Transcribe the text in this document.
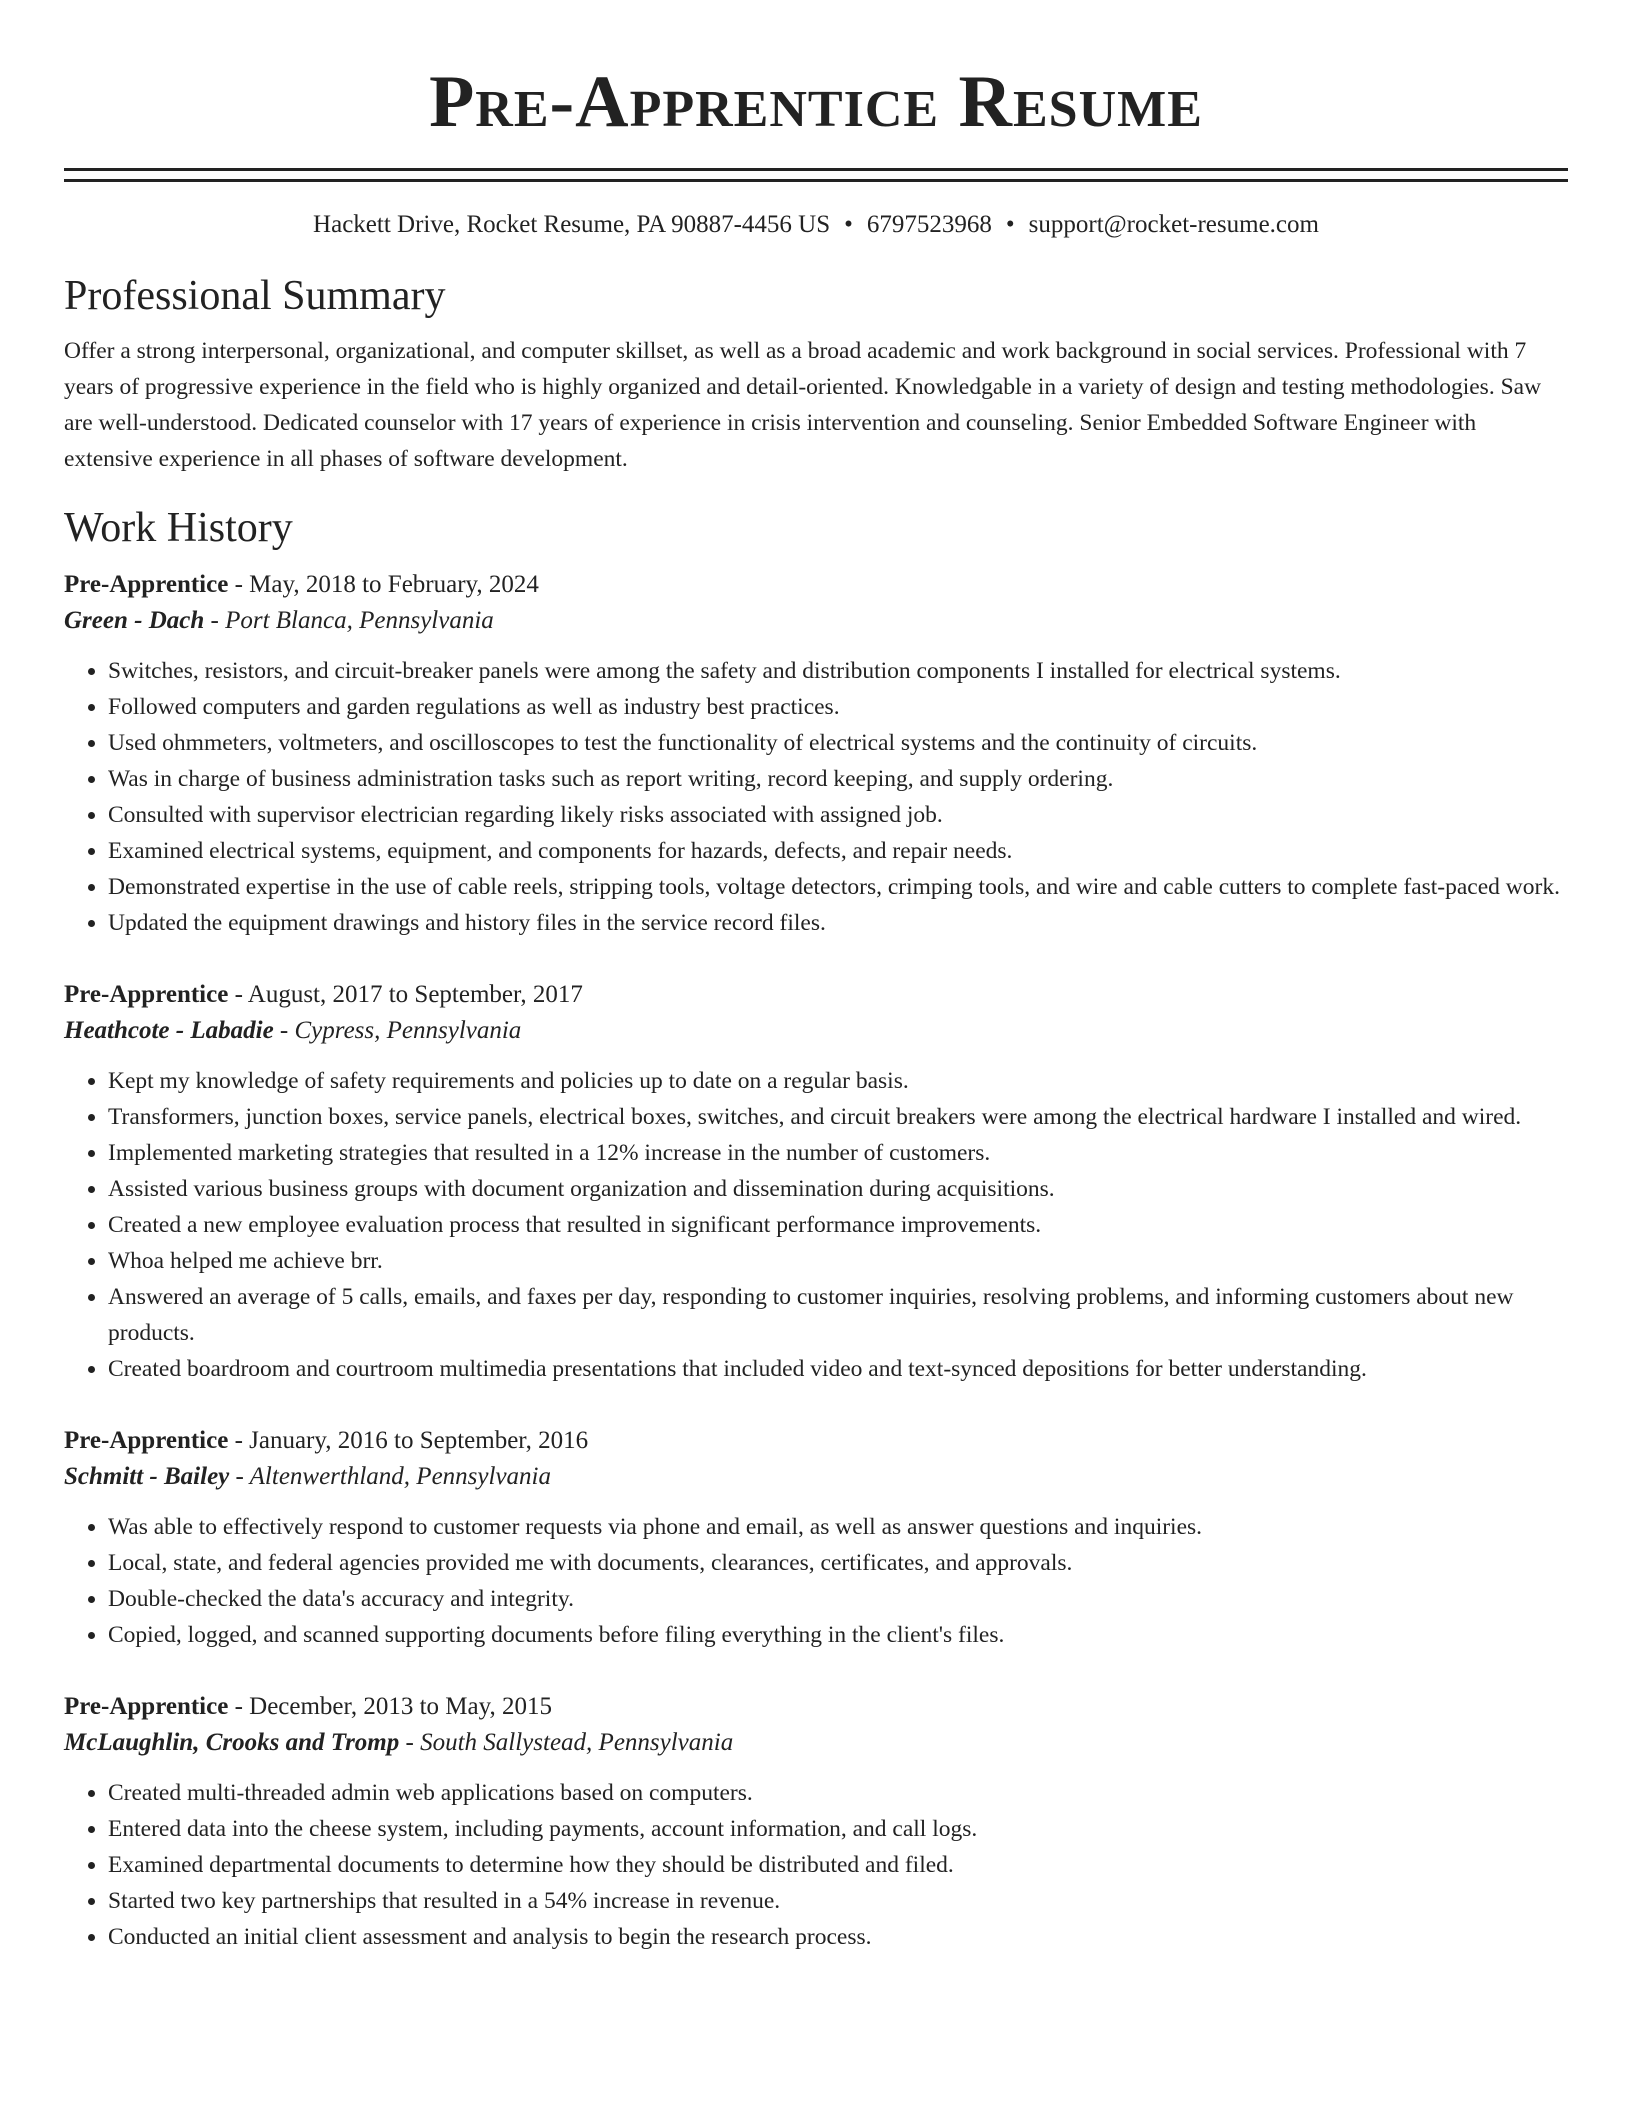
Pre-Apprentice Resume
Hackett Drive, Rocket Resume, PA 90887-4456 US • 6797523968 • support@rocket-resume.com
Professional Summary

Offer a strong interpersonal, organizational, and computer skillset, as well as a broad academic and work background in social services. Professional with 7 years of progressive experience in the field who is highly organized and detail-oriented. Knowledgable in a variety of design and testing methodologies. Saw are well-understood. Dedicated counselor with 17 years of experience in crisis intervention and counseling. Senior Embedded Software Engineer with extensive experience in all phases of software development.

Work History
Pre-Apprentice - May, 2018 to February, 2024
Green - Dach - Port Blanca, Pennsylvania
• Switches, resistors, and circuit-breaker panels were among the safety and distribution components I installed for electrical systems.
• Followed computers and garden regulations as well as industry best practices.
• Used ohmmeters, voltmeters, and oscilloscopes to test the functionality of electrical systems and the continuity of circuits.
• Was in charge of business administration tasks such as report writing, record keeping, and supply ordering.
• Consulted with supervisor electrician regarding likely risks associated with assigned job.
• Examined electrical systems, equipment, and components for hazards, defects, and repair needs.
• Demonstrated expertise in the use of cable reels, stripping tools, voltage detectors, crimping tools, and wire and cable cutters to complete fast-paced work.
• Updated the equipment drawings and history files in the service record files.
Pre-Apprentice - August, 2017 to September, 2017
Heathcote - Labadie - Cypress, Pennsylvania
• Kept my knowledge of safety requirements and policies up to date on a regular basis.
• Transformers, junction boxes, service panels, electrical boxes, switches, and circuit breakers were among the electrical hardware I installed and wired.
• Implemented marketing strategies that resulted in a 12% increase in the number of customers.
• Assisted various business groups with document organization and dissemination during acquisitions.
• Created a new employee evaluation process that resulted in significant performance improvements.
• Whoa helped me achieve brr.
• Answered an average of 5 calls, emails, and faxes per day, responding to customer inquiries, resolving problems, and informing customers about new products.
• Created boardroom and courtroom multimedia presentations that included video and text-synced depositions for better understanding.
Pre-Apprentice - January, 2016 to September, 2016
Schmitt - Bailey - Altenwerthland, Pennsylvania
• Was able to effectively respond to customer requests via phone and email, as well as answer questions and inquiries.
• Local, state, and federal agencies provided me with documents, clearances, certificates, and approvals.
• Double-checked the data's accuracy and integrity.
• Copied, logged, and scanned supporting documents before filing everything in the client's files.
Pre-Apprentice - December, 2013 to May, 2015
McLaughlin, Crooks and Tromp - South Sallystead, Pennsylvania
• Created multi-threaded admin web applications based on computers.
• Entered data into the cheese system, including payments, account information, and call logs.
• Examined departmental documents to determine how they should be distributed and filed.
• Started two key partnerships that resulted in a 54% increase in revenue.
• Conducted an initial client assessment and analysis to begin the research process.
